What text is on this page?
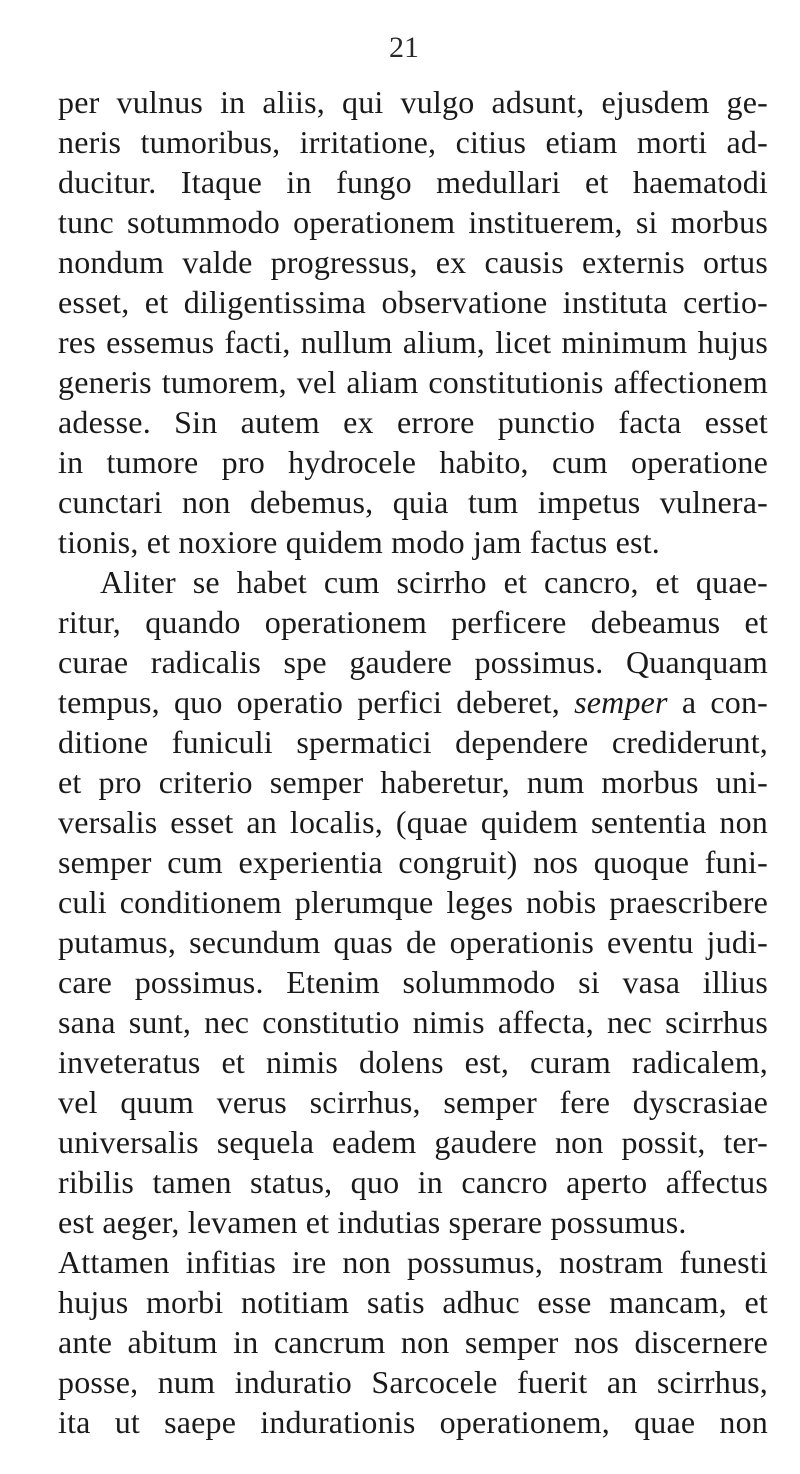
21
per vulnus in aliis, qui vulgo adsunt, ejusdem ge-
neris tumoribus, irritatione, citius etiam morti ad-
ducitur. Itaque in fungo medullari et haematodi
tunc sotummodo operationem instituerem, si morbus
nondum valde progressus, ex causis externis ortus
esset, et diligentissima observatione instituta certio-
res essemus facti, nullum alium, licet minimum hujus
generis tumorem, vel aliam constitutionis affectionem
adesse. Sin autem ex errore punctio facta esset
in tumore pro hydrocele habito, cum operatione
cunctari non debemus, quia tum impetus vulnera-
tionis, et noxiore quidem modo jam factus est.
Aliter se habet cum scirrho et cancro, et quae-
ritur, quando operationem perficere debeamus et
curae radicalis spe gaudere possimus. Quanquam
tempus, quo operatio perfici deberet, semper a con-
ditione funiculi spermatici dependere crediderunt,
et pro criterio semper haberetur, num morbus uni-
versalis esset an localis, (quae quidem sententia non
semper cum experientia congruit) nos quoque funi-
culi conditionem plerumque leges nobis praescribere
putamus, secundum quas de operationis eventu judi-
care possimus. Etenim solummodo si vasa illius
sana sunt, nec constitutio nimis affecta, nec scirrhus
inveteratus et nimis dolens est, curam radicalem,
vel quum verus scirrhus, semper fere dyscrasiae
universalis sequela eadem gaudere non possit, ter-
ribilis tamen status, quo in cancro aperto affectus
est aeger, levamen et indutias sperare possumus.
Attamen infitias ire non possumus, nostram funesti
hujus morbi notitiam satis adhuc esse mancam, et
ante abitum in cancrum non semper nos discernere
posse, num induratio Sarcocele fuerit an scirrhus,
ita ut saepe indurationis operationem, quae non
